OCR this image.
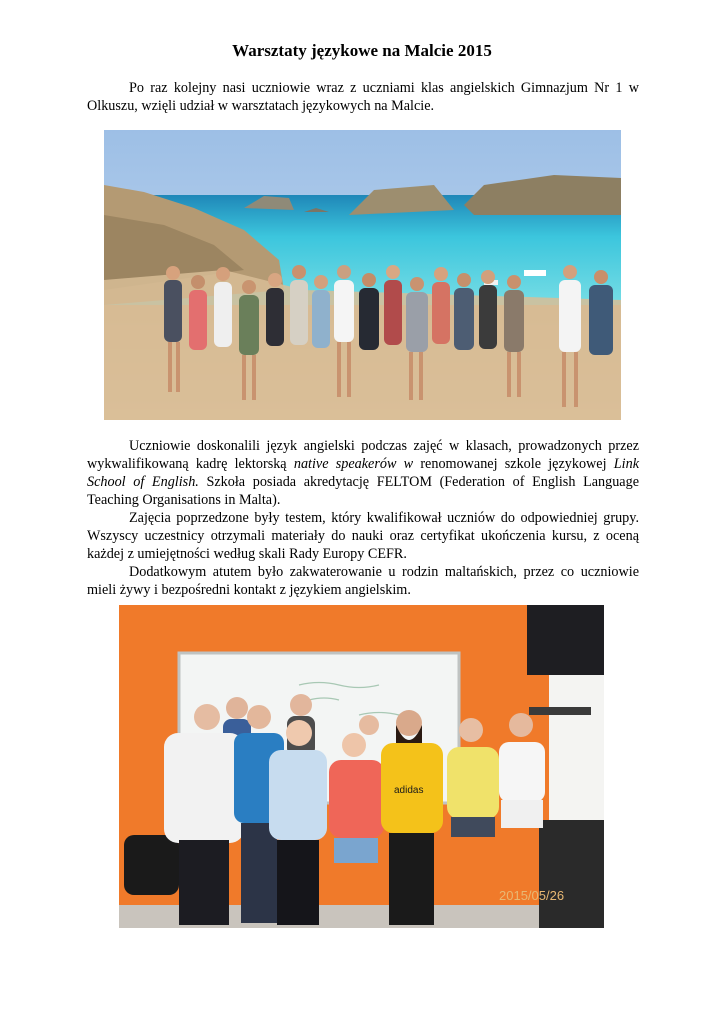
Warsztaty językowe na Malcie 2015

Po raz kolejny nasi uczniowie wraz z uczniami klas angielskich Gimnazjum Nr 1 w Olkuszu, wzięli udział w warsztatach językowych na Malcie.

Uczniowie doskonalili język angielski podczas zajęć w klasach, prowadzonych przez wykwalifikowaną kadrę lektorską native speakerów w renomowanej szkole językowej Link School of English. Szkoła posiada akredytację FELTOM (Federation of English Language Teaching Organisations in Malta).

Zajęcia poprzedzone były testem, który kwalifikował uczniów do odpowiedniej grupy. Wszyscy uczestnicy otrzymali materiały do nauki oraz certyfikat ukończenia kursu, z oceną każdej z umiejętności według skali Rady Europy CEFR.

Dodatkowym atutem było zakwaterowanie u rodzin maltańskich, przez co uczniowie mieli żywy i bezpośredni kontakt z językiem angielskim.

adidas
2015/05/26
